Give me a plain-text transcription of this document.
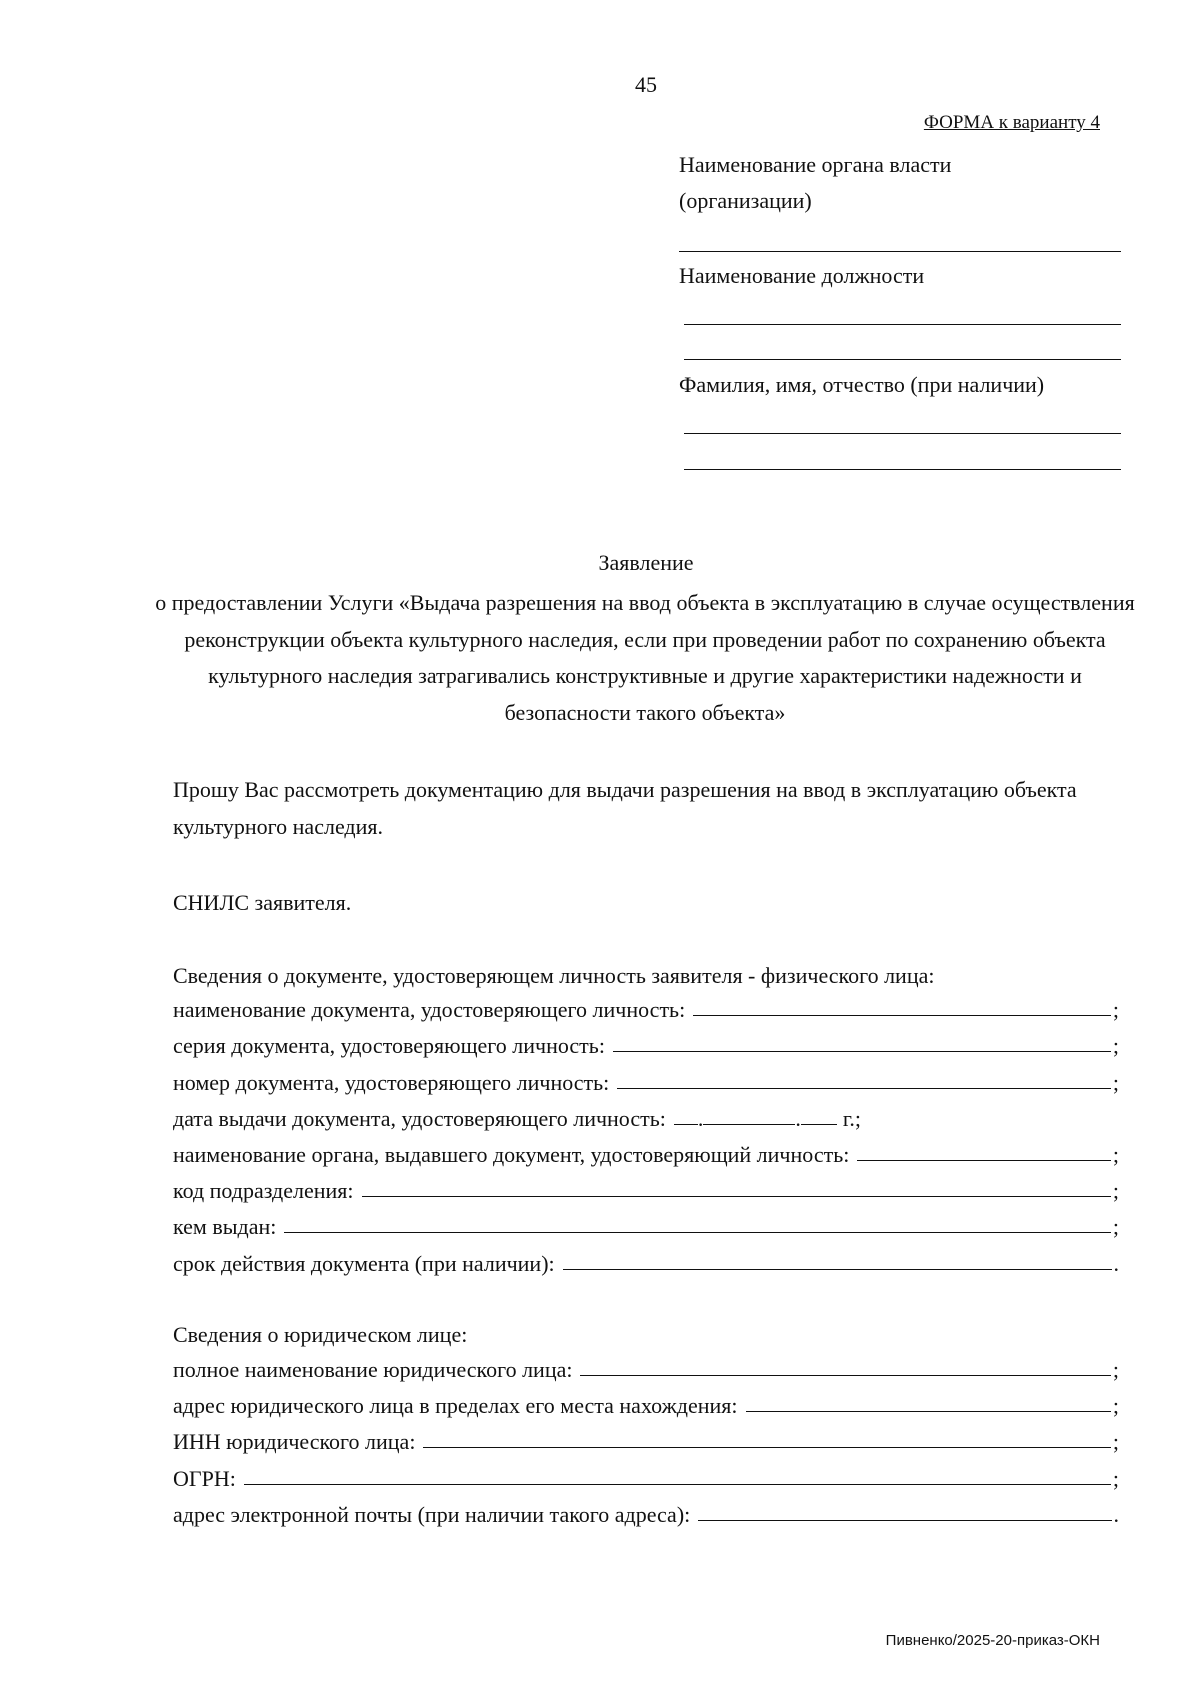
45
ФОРМА к варианту 4
Наименование органа власти
(организации)
Наименование должности
Фамилия, имя, отчество (при наличии)
Заявление
о предоставлении Услуги «Выдача разрешения на ввод объекта в эксплуатацию в случае осуществления реконструкции объекта культурного наследия, если при проведении работ по сохранению объекта культурного наследия затрагивались конструктивные и другие характеристики надежности и безопасности такого объекта»
Прошу Вас рассмотреть документацию для выдачи разрешения на ввод в эксплуатацию объекта культурного наследия.
СНИЛС заявителя.
Сведения о документе, удостоверяющем личность заявителя - физического лица:
наименование документа, удостоверяющего личность:	;
серия документа, удостоверяющего личность:	;
номер документа, удостоверяющего личность:	;
дата выдачи документа, удостоверяющего личность: .	. г.;
наименование органа, выдавшего документ, удостоверяющий личность:	;
код подразделения:	;
кем выдан:	;
срок действия документа (при наличии):	.
Сведения о юридическом лице:
полное наименование юридического лица:	;
адрес юридического лица в пределах его места нахождения:	;
ИНН юридического лица:	;
ОГРН:	;
адрес электронной почты (при наличии такого адреса):	.
Пивненко/2025-20-приказ-ОКН
